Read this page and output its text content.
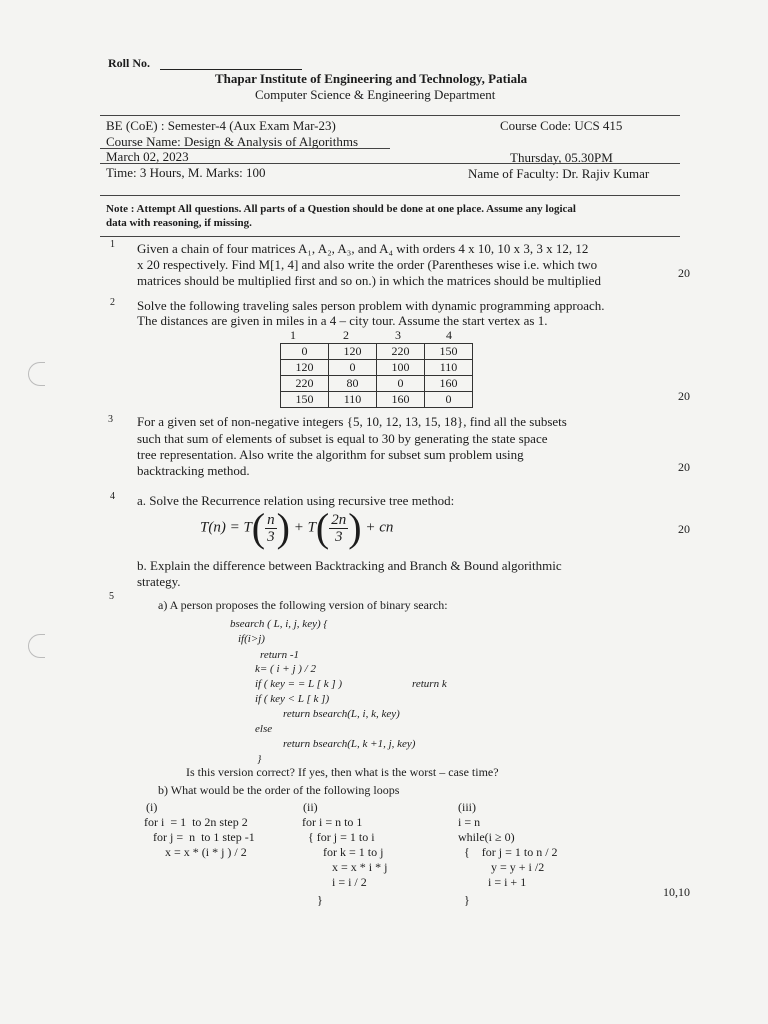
Roll No.
Thapar Institute of Engineering and Technology, Patiala
Computer Science & Engineering Department
BE (CoE) : Semester-4 (Aux Exam Mar-23)	Course Code: UCS 415
Course Name: Design & Analysis of Algorithms
March 02, 2023	Thursday, 05.30PM
Time: 3 Hours, M. Marks: 100	Name of Faculty: Dr. Rajiv Kumar
Note : Attempt All questions. All parts of a Question should be done at one place. Assume any logical
data with reasoning, if missing.
1 Given a chain of four matrices A₁, A₂, A₃, and A₄ with orders 4 x 10, 10 x 3, 3 x 12, 12
x 20 respectively. Find M[1, 4] and also write the order (Parentheses wise i.e. which two
matrices should be multiplied first and so on.) in which the matrices should be multiplied	20
2 Solve the following traveling sales person problem with dynamic programming approach.
The distances are given in miles in a 4 – city tour. Assume the start vertex as 1.
1	2	3	4
0	120	220	150
120	0	100	110
220	80	0	160
150	110	160	0	20
3 For a given set of non-negative integers {5, 10, 12, 13, 15, 18}, find all the subsets
such that sum of elements of subset is equal to 30 by generating the state space
tree representation. Also write the algorithm for subset sum problem using
backtracking method.	20
4 a. Solve the Recurrence relation using recursive tree method:
$T(n) = T( \frac{n}{3}$ ) + $T( \frac{2n}{3}$ ) + cn	20
b. Explain the difference between Backtracking and Branch & Bound algorithmic
strategy.
5
a) A person proposes the following version of binary search:
bsearch ( L, i, j, key) {
if(i>j)
return -1
k= ( i + j ) / 2
if ( key = = L [ k ] )	return k
if ( key < L [ k ])
return bsearch(L, i, k, key)
else
return bsearch(L, k +1, j, key)
}
Is this version correct? If yes, then what is the worst – case time?
b) What would be the order of the following loops
(i)
for i  = 1  to 2n step 2
for j =  n  to 1 step -1
x = x * (i * j ) / 2
(ii)
for i = n to 1
{ for j = 1 to i
for k = 1 to j
x = x * i * j
i = i / 2
}
(iii)
i = n
while(i ≥ 0)
{    for j = 1 to n / 2
y = y + i /2
i = i + 1
}
10,10
